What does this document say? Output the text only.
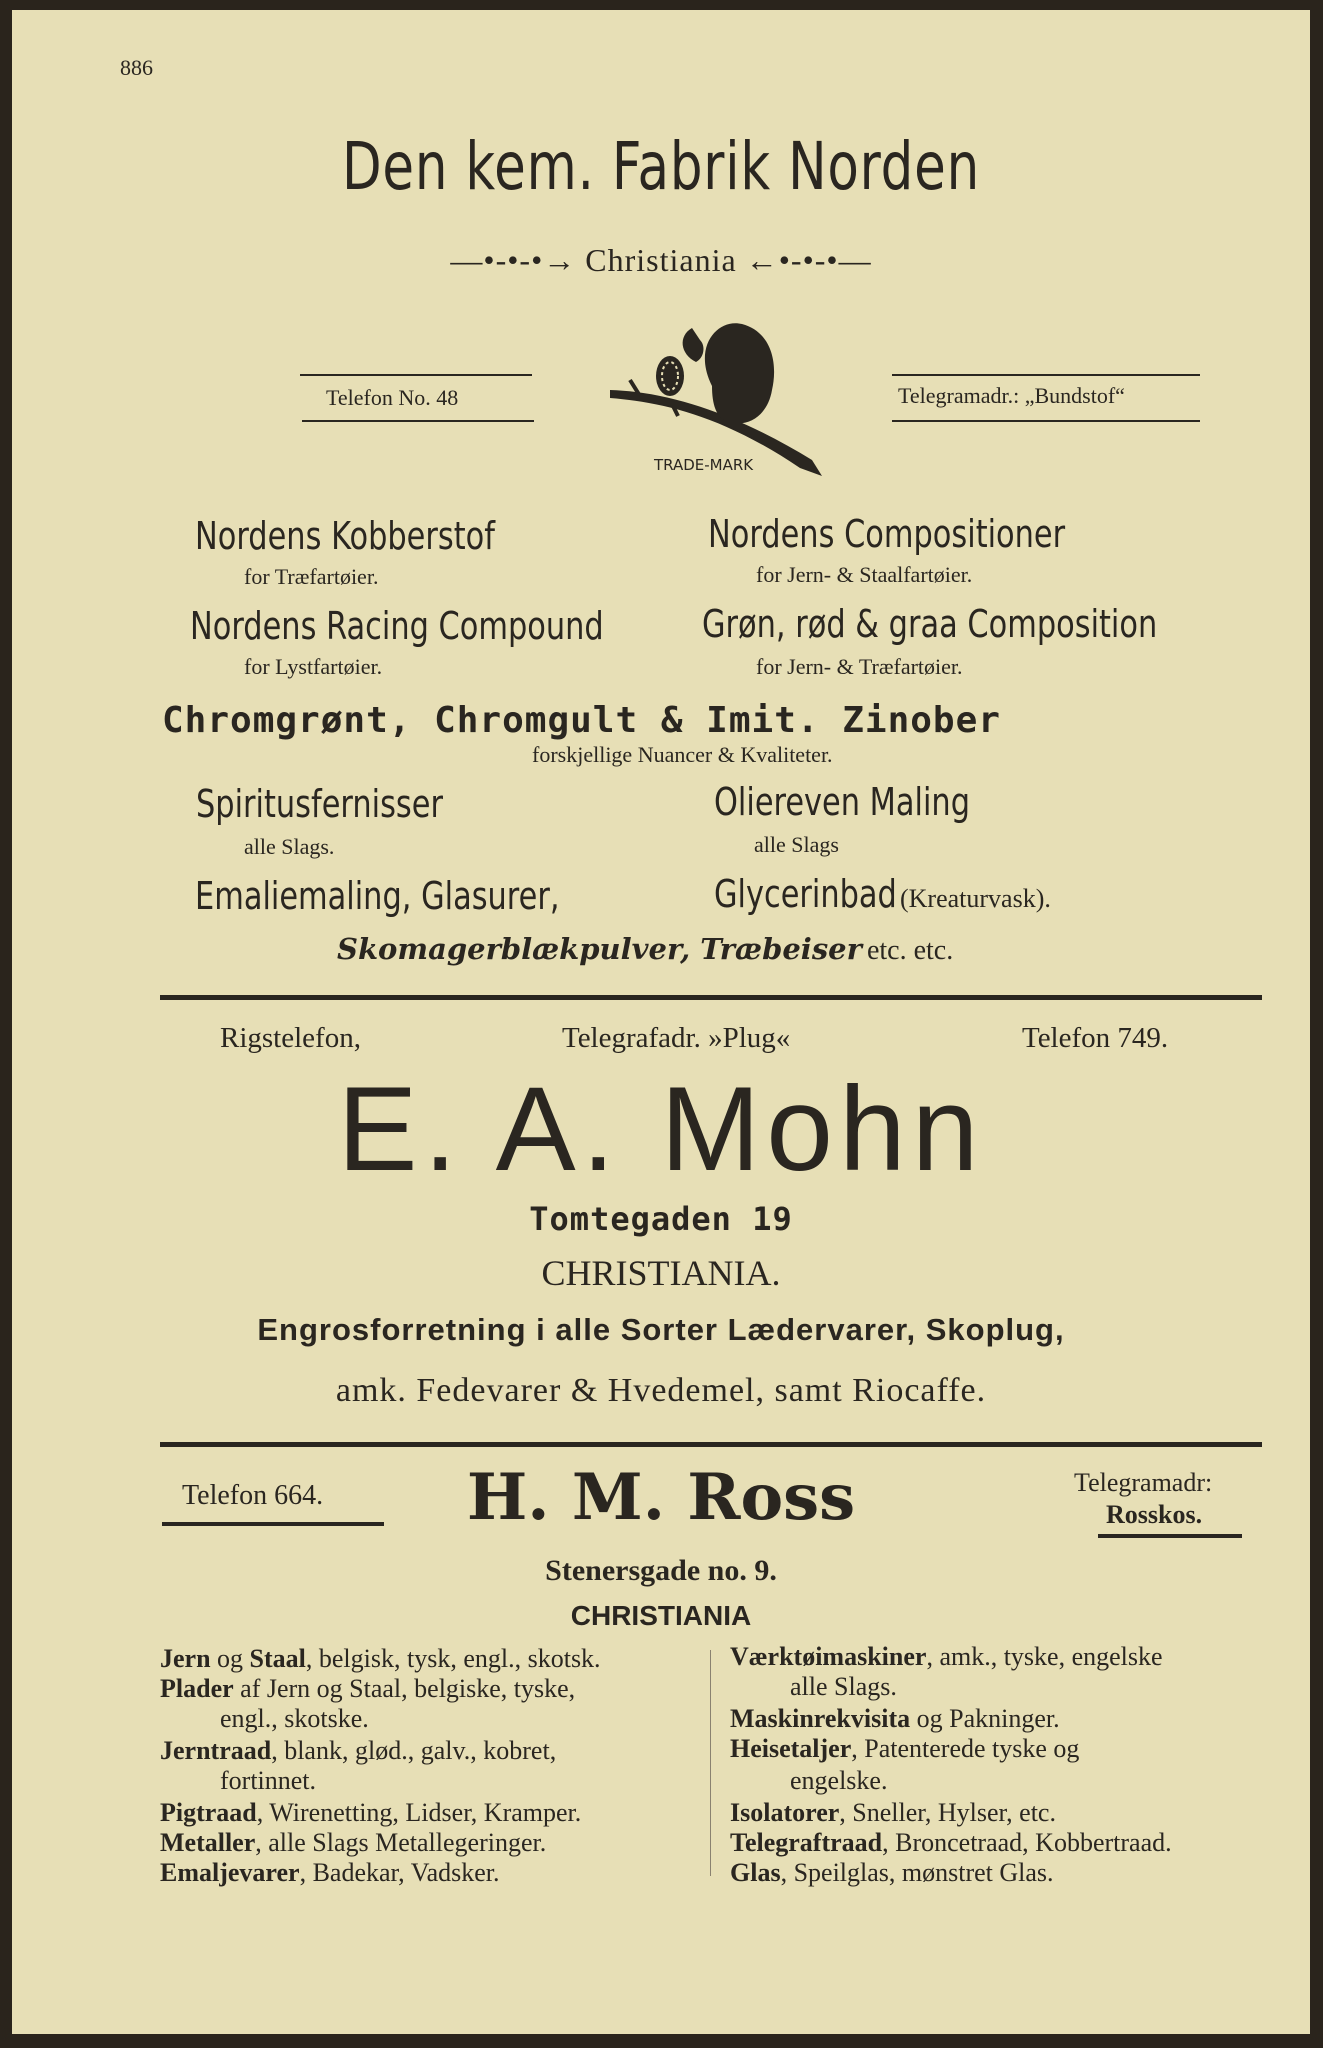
886
Den kem. Fabrik Norden
—•‐•‐•→ Christiania ←•‐•‐•—
Telefon No. 48
TRADE-MARK
Telegramadr.: „Bundstof“
Nordens Kobberstof
for Træfartøier.
Nordens Compositioner
for Jern- & Staalfartøier.
Nordens Racing Compound
for Lystfartøier.
Grøn, rød & graa Composition
for Jern- & Træfartøier.
Chromgrønt, Chromgult & Imit. Zinober
forskjellige Nuancer & Kvaliteter.
Spiritusfernisser
alle Slags.
Oliereven Maling
alle Slags
Emaliemaling, Glasurer,	Glycerinbad (Kreaturvask).
Skomagerblækpulver, Træbeiser etc. etc.
Rigstelefon,	Telegrafadr. »Plug«	Telefon 749.
E. A. Mohn
Tomtegaden 19
CHRISTIANIA.
Engrosforretning i alle Sorter Lædervarer, Skoplug,
amk. Fedevarer & Hvedemel, samt Riocaffe.
Telefon 664.	H. M. Ross	Telegramadr:
Rosskos.
Stenersgade no. 9.
CHRISTIANIA
Jern og Staal, belgisk, tysk, engl., skotsk.
Plader af Jern og Staal, belgiske, tyske,
engl., skotske.
Jerntraad, blank, glød., galv., kobret,
fortinnet.
Pigtraad, Wirenetting, Lidser, Kramper.
Metaller, alle Slags Metallegeringer.
Emaljevarer, Badekar, Vadsker.
Værktøimaskiner, amk., tyske, engelske
alle Slags.
Maskinrekvisita og Pakninger.
Heisetaljer, Patenterede tyske og
engelske.
Isolatorer, Sneller, Hylser, etc.
Telegraftraad, Broncetraad, Kobbertraad.
Glas, Speilglas, mønstret Glas.
